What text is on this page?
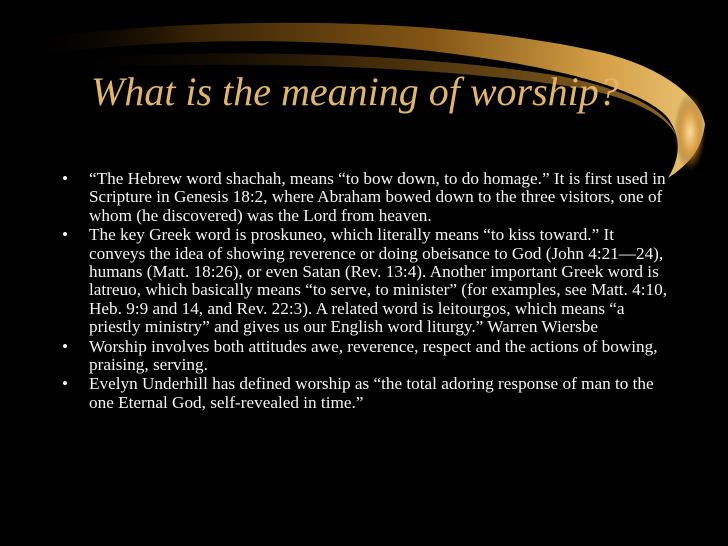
What is the meaning of worship?
•	“The Hebrew word shachah, means “to bow down, to do homage.” It is first used in Scripture in Genesis 18:2, where Abraham bowed down to the three visitors, one of whom (he discovered) was the Lord from heaven.
•	The key Greek word is proskuneo, which literally means “to kiss toward.” It conveys the idea of showing reverence or doing obeisance to God (John 4:21—24), humans (Matt. 18:26), or even Satan (Rev. 13:4). Another important Greek word is latreuo, which basically means “to serve, to minister” (for examples, see Matt. 4:10, Heb. 9:9 and 14, and Rev. 22:3). A related word is leitourgos, which means “a priestly ministry” and gives us our English word liturgy.” Warren Wiersbe
•	Worship involves both attitudes awe, reverence, respect and the actions of bowing, praising, serving.
•	Evelyn Underhill has defined worship as “the total adoring response of man to the one Eternal God, self-revealed in time.”
